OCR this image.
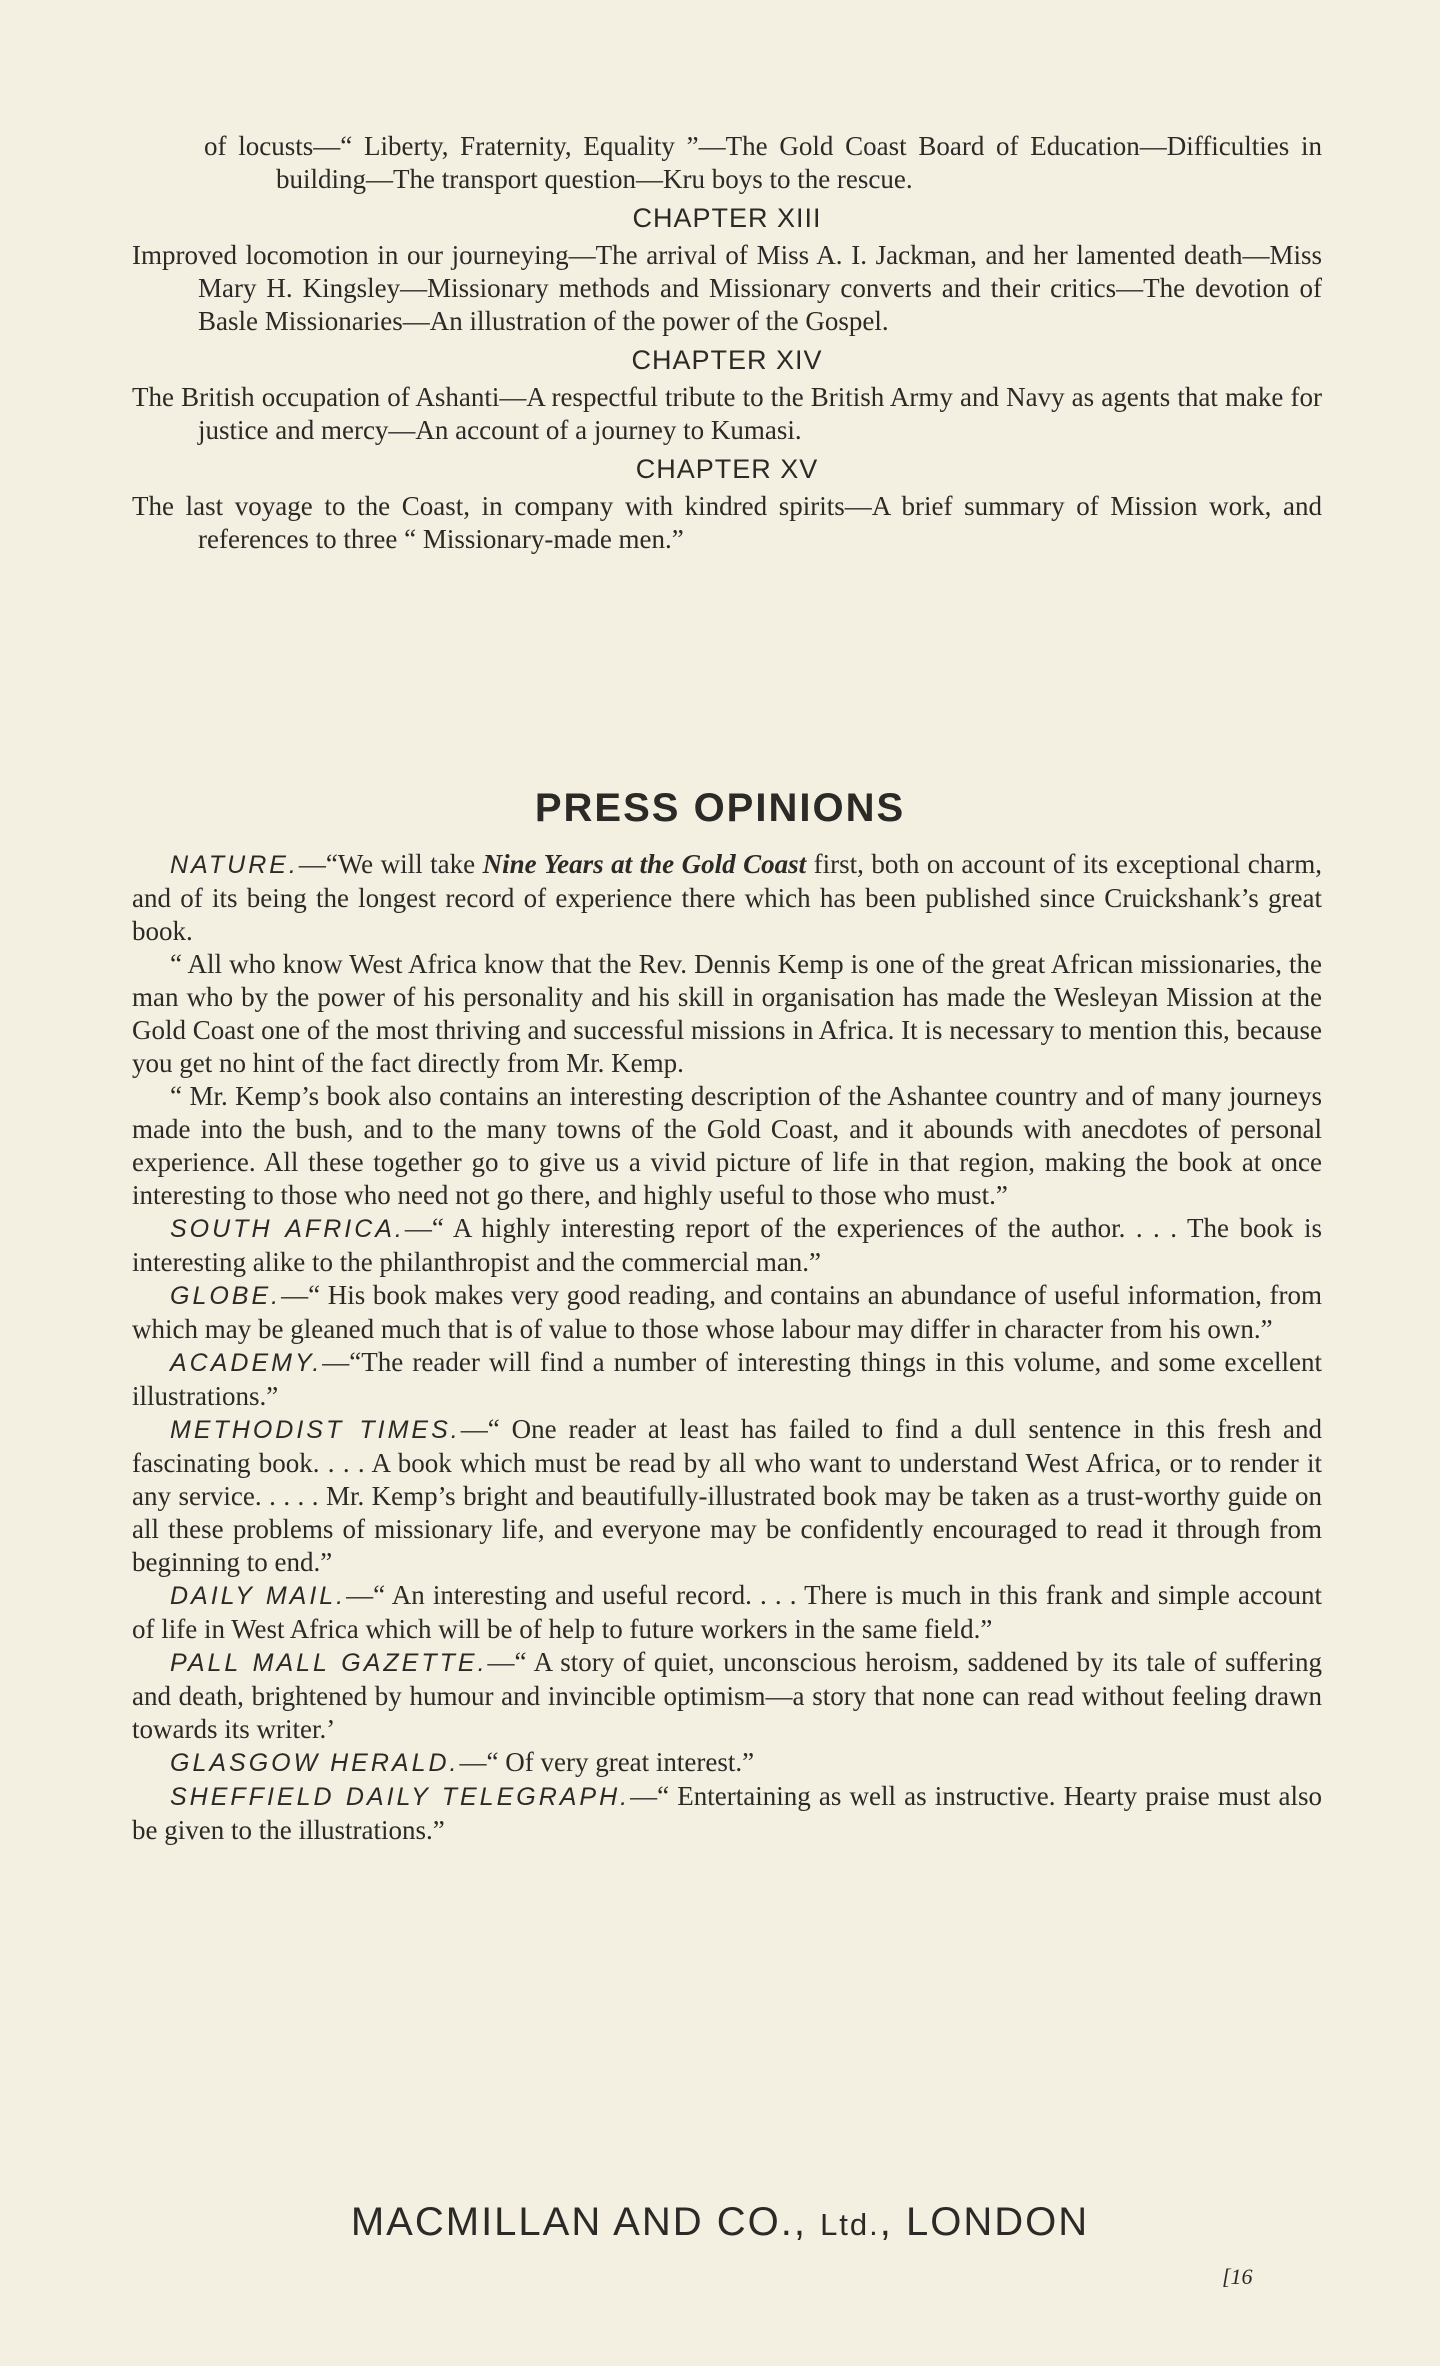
of locusts—“ Liberty, Fraternity, Equality ”—The Gold Coast Board of Education—Difficulties in building—The transport question—Kru boys to the rescue.

CHAPTER XIII

Improved locomotion in our journeying—The arrival of Miss A. I. Jackman, and her lamented death—Miss Mary H. Kingsley—Missionary methods and Missionary converts and their critics—The devotion of Basle Missionaries—An illustration of the power of the Gospel.

CHAPTER XIV

The British occupation of Ashanti—A respectful tribute to the British Army and Navy as agents that make for justice and mercy—An account of a journey to Kumasi.

CHAPTER XV

The last voyage to the Coast, in company with kindred spirits—A brief summary of Mission work, and references to three “ Missionary-made men.”

PRESS OPINIONS

NATURE.—“We will take Nine Years at the Gold Coast first, both on account of its exceptional charm, and of its being the longest record of experience there which has been published since Cruickshank’s great book.

“ All who know West Africa know that the Rev. Dennis Kemp is one of the great African missionaries, the man who by the power of his personality and his skill in organisation has made the Wesleyan Mission at the Gold Coast one of the most thriving and successful missions in Africa. It is necessary to mention this, because you get no hint of the fact directly from Mr. Kemp.

“ Mr. Kemp’s book also contains an interesting description of the Ashantee country and of many journeys made into the bush, and to the many towns of the Gold Coast, and it abounds with anecdotes of personal experience. All these together go to give us a vivid picture of life in that region, making the book at once interesting to those who need not go there, and highly useful to those who must.”

SOUTH AFRICA.—“ A highly interesting report of the experiences of the author. . . . The book is interesting alike to the philanthropist and the commercial man.”

GLOBE.—“ His book makes very good reading, and contains an abundance of useful information, from which may be gleaned much that is of value to those whose labour may differ in character from his own.”

ACADEMY.—“The reader will find a number of interesting things in this volume, and some excellent illustrations.”

METHODIST TIMES.—“ One reader at least has failed to find a dull sentence in this fresh and fascinating book. . . . A book which must be read by all who want to understand West Africa, or to render it any service. . . . . Mr. Kemp’s bright and beautifully-illustrated book may be taken as a trust-worthy guide on all these problems of missionary life, and everyone may be confidently encouraged to read it through from beginning to end.”

DAILY MAIL.—“ An interesting and useful record. . . . There is much in this frank and simple account of life in West Africa which will be of help to future workers in the same field.”

PALL MALL GAZETTE.—“ A story of quiet, unconscious heroism, saddened by its tale of suffering and death, brightened by humour and invincible optimism—a story that none can read without feeling drawn towards its writer.’

GLASGOW HERALD.—“ Of very great interest.”

SHEFFIELD DAILY TELEGRAPH.—“ Entertaining as well as instructive. Hearty praise must also be given to the illustrations.”

MACMILLAN AND CO., Ltd., LONDON
[16
